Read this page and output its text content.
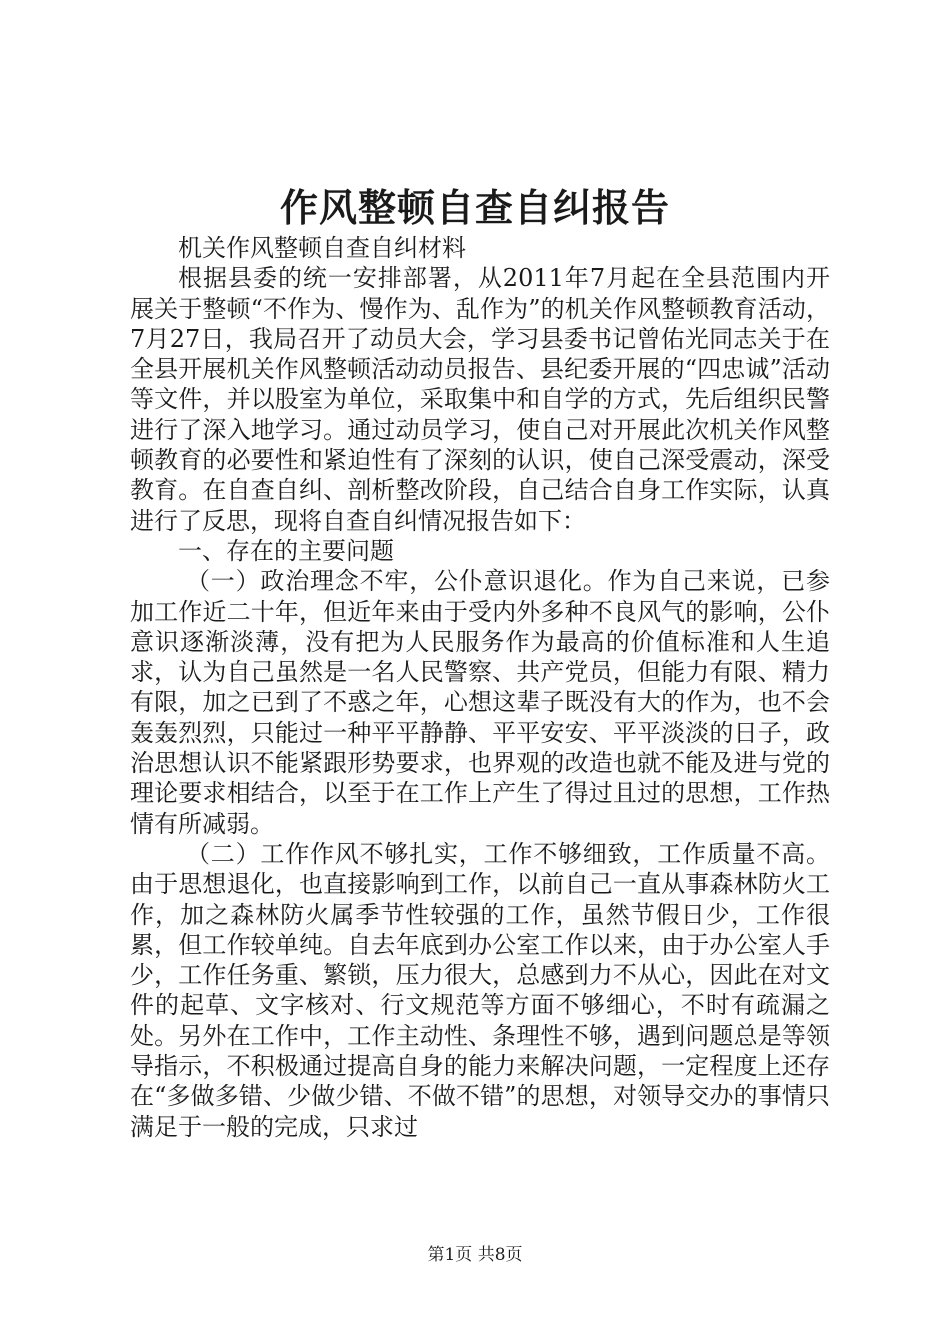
作风整顿自查自纠报告

机关作风整顿自查自纠材料

根据县委的统一安排部署，从2011年7月起在全县范围内开展关于整顿“不作为、慢作为、乱作为”的机关作风整顿教育活动，7月27日，我局召开了动员大会，学习县委书记曾佑光同志关于在全县开展机关作风整顿活动动员报告、县纪委开展的“四忠诚”活动等文件，并以股室为单位，采取集中和自学的方式，先后组织民警进行了深入地学习。通过动员学习，使自己对开展此次机关作风整顿教育的必要性和紧迫性有了深刻的认识，使自己深受震动，深受教育。在自查自纠、剖析整改阶段，自己结合自身工作实际，认真进行了反思，现将自查自纠情况报告如下：

一、存在的主要问题

（一）政治理念不牢，公仆意识退化。作为自己来说，已参加工作近二十年，但近年来由于受内外多种不良风气的影响，公仆意识逐渐淡薄，没有把为人民服务作为最高的价值标准和人生追求，认为自己虽然是一名人民警察、共产党员，但能力有限、精力有限，加之已到了不惑之年，心想这辈子既没有大的作为，也不会轰轰烈烈，只能过一种平平静静、平平安安、平平淡淡的日子，政治思想认识不能紧跟形势要求，也界观的改造也就不能及进与党的理论要求相结合，以至于在工作上产生了得过且过的思想，工作热情有所减弱。

（二）工作作风不够扎实，工作不够细致，工作质量不高。由于思想退化，也直接影响到工作，以前自己一直从事森林防火工作，加之森林防火属季节性较强的工作，虽然节假日少，工作很累，但工作较单纯。自去年底到办公室工作以来，由于办公室人手少，工作任务重、繁锁，压力很大，总感到力不从心，因此在对文件的起草、文字核对、行文规范等方面不够细心，不时有疏漏之处。另外在工作中，工作主动性、条理性不够，遇到问题总是等领导指示，不积极通过提高自身的能力来解决问题，一定程度上还存在“多做多错、少做少错、不做不错”的思想，对领导交办的事情只满足于一般的完成，只求过

第1页 共8页
